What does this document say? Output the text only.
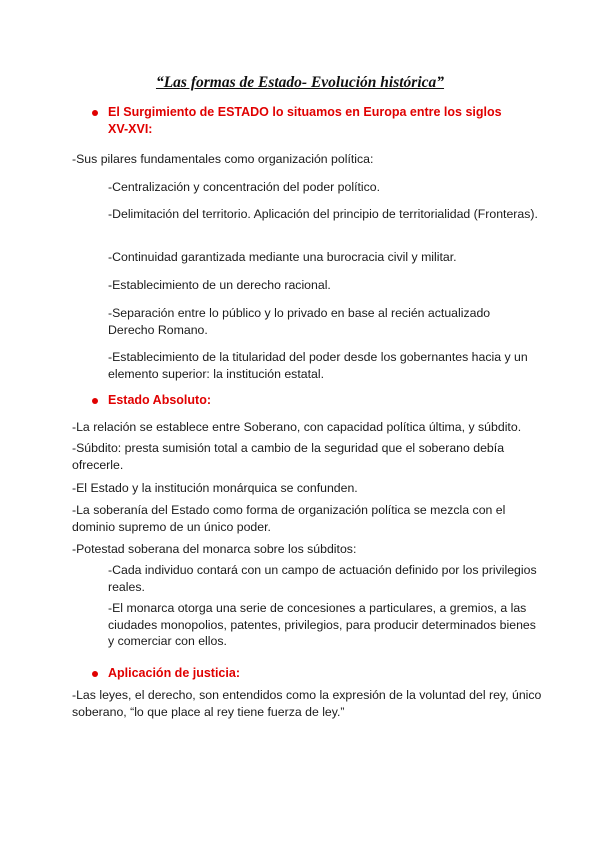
“Las formas de Estado- Evolución histórica”
El Surgimiento de ESTADO lo situamos en Europa entre los siglos XV-XVI:
-Sus pilares fundamentales como organización política:
-Centralización y concentración del poder político.
-Delimitación del territorio. Aplicación del principio de territorialidad (Fronteras).
-Continuidad garantizada mediante una burocracia civil y militar.
-Establecimiento de un derecho racional.
-Separación entre lo público y lo privado en base al recién actualizado Derecho Romano.
-Establecimiento de la titularidad del poder desde los gobernantes hacia y un elemento superior: la institución estatal.
Estado Absoluto:
-La relación se establece entre Soberano, con capacidad política última, y súbdito.
-Súbdito: presta sumisión total a cambio de la seguridad que el soberano debía ofrecerle.
-El Estado y la institución monárquica se confunden.
-La soberanía del Estado como forma de organización política se mezcla con el dominio supremo de un único poder.
-Potestad soberana del monarca sobre los súbditos:
-Cada individuo contará con un campo de actuación definido por los privilegios reales.
-El monarca otorga una serie de concesiones a particulares, a gremios, a las ciudades monopolios, patentes, privilegios, para producir determinados bienes y comerciar con ellos.
Aplicación de justicia:
-Las leyes, el derecho, son entendidos como la expresión de la voluntad del rey, único soberano, “lo que place al rey tiene fuerza de ley.”
